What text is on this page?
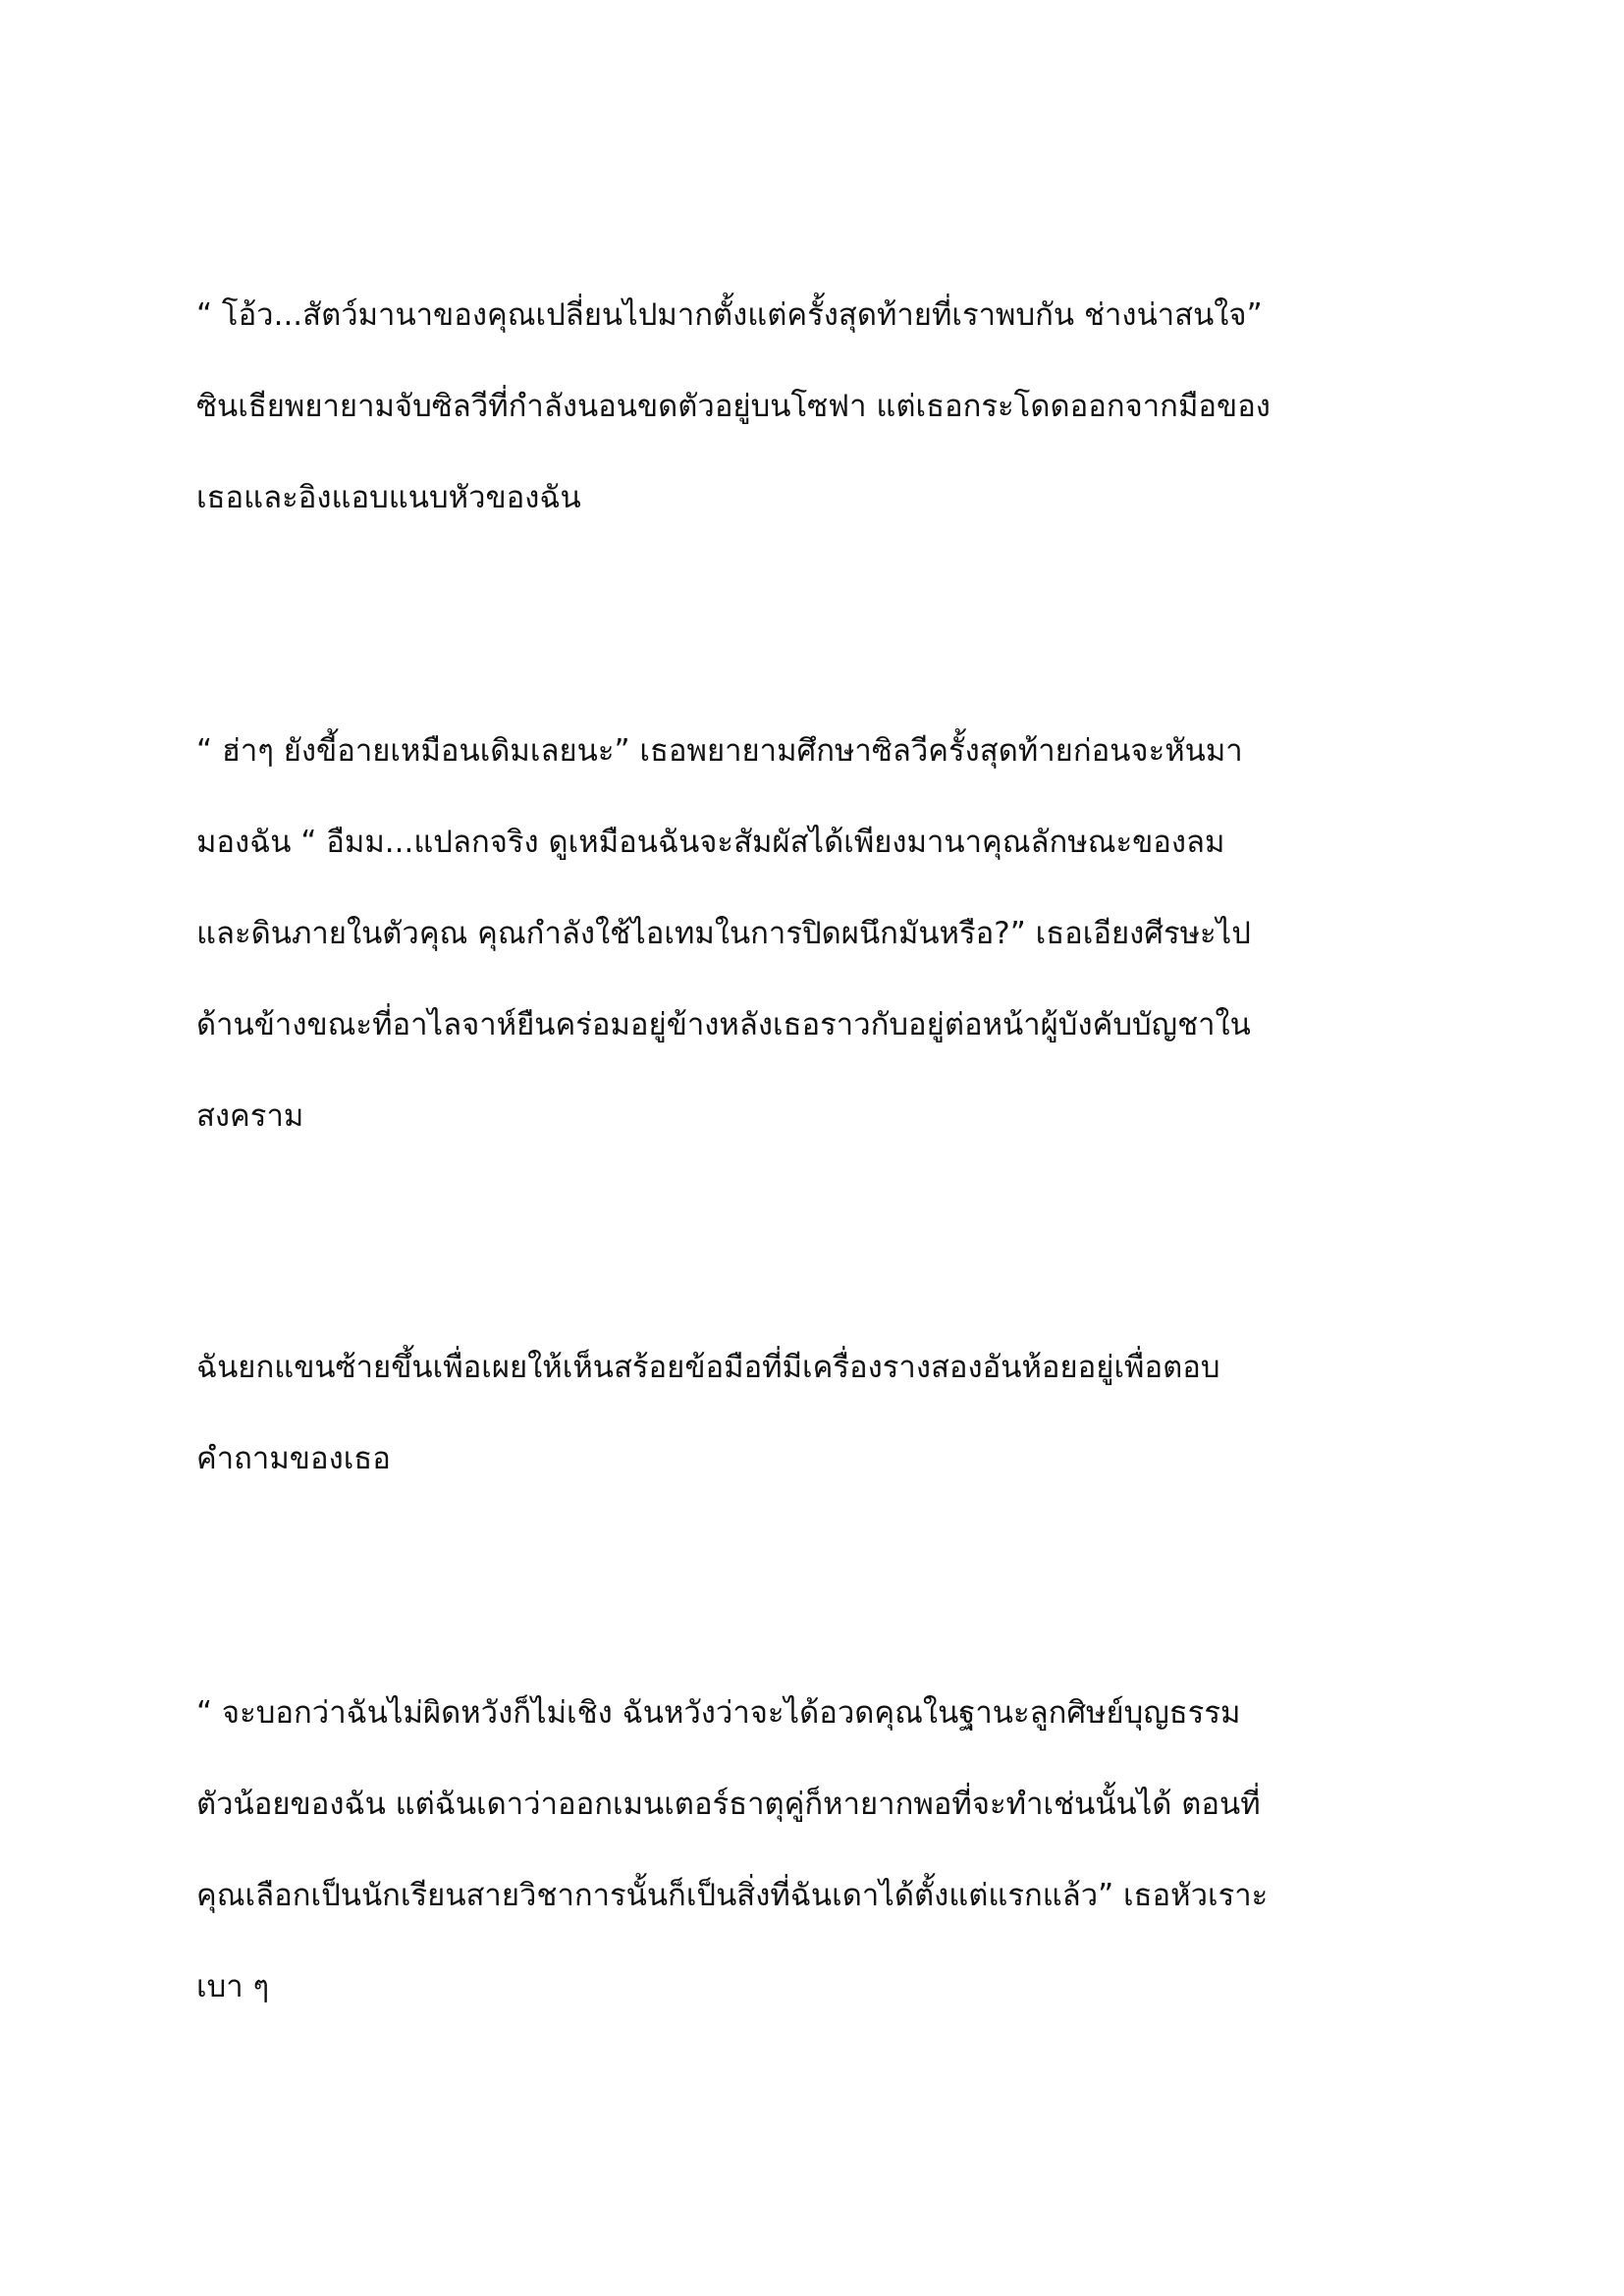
“ โอ้ว...สัตว์มานาของคุณเปลี่ยนไปมากตั้งแต่ครั้งสุดท้ายที่เราพบกัน ช่างน่าสนใจ”
ซินเธียพยายามจับซิลวีที่กำลังนอนขดตัวอยู่บนโซฟา แต่เธอกระโดดออกจากมือของ
เธอและอิงแอบแนบหัวของฉัน
“ ฮ่าๆ ยังขี้อายเหมือนเดิมเลยนะ” เธอพยายามศึกษาซิลวีครั้งสุดท้ายก่อนจะหันมา
มองฉัน “ อืมม...แปลกจริง ดูเหมือนฉันจะสัมผัสได้เพียงมานาคุณลักษณะของลม
และดินภายในตัวคุณ คุณกำลังใช้ไอเทมในการปิดผนึกมันหรือ?” เธอเอียงศีรษะไป
ด้านข้างขณะที่อาไลจาห์ยืนคร่อมอยู่ข้างหลังเธอราวกับอยู่ต่อหน้าผู้บังคับบัญชาใน
สงคราม
ฉันยกแขนซ้ายขึ้นเพื่อเผยให้เห็นสร้อยข้อมือที่มีเครื่องรางสองอันห้อยอยู่เพื่อตอบ
คำถามของเธอ
“ จะบอกว่าฉันไม่ผิดหวังก็ไม่เชิง ฉันหวังว่าจะได้อวดคุณในฐานะลูกศิษย์บุญธรรม
ตัวน้อยของฉัน แต่ฉันเดาว่าออกเมนเตอร์ธาตุคู่ก็หายากพอที่จะทำเช่นนั้นได้ ตอนที่
คุณเลือกเป็นนักเรียนสายวิชาการนั้นก็เป็นสิ่งที่ฉันเดาได้ตั้งแต่แรกแล้ว” เธอหัวเราะ
เบา ๆ
